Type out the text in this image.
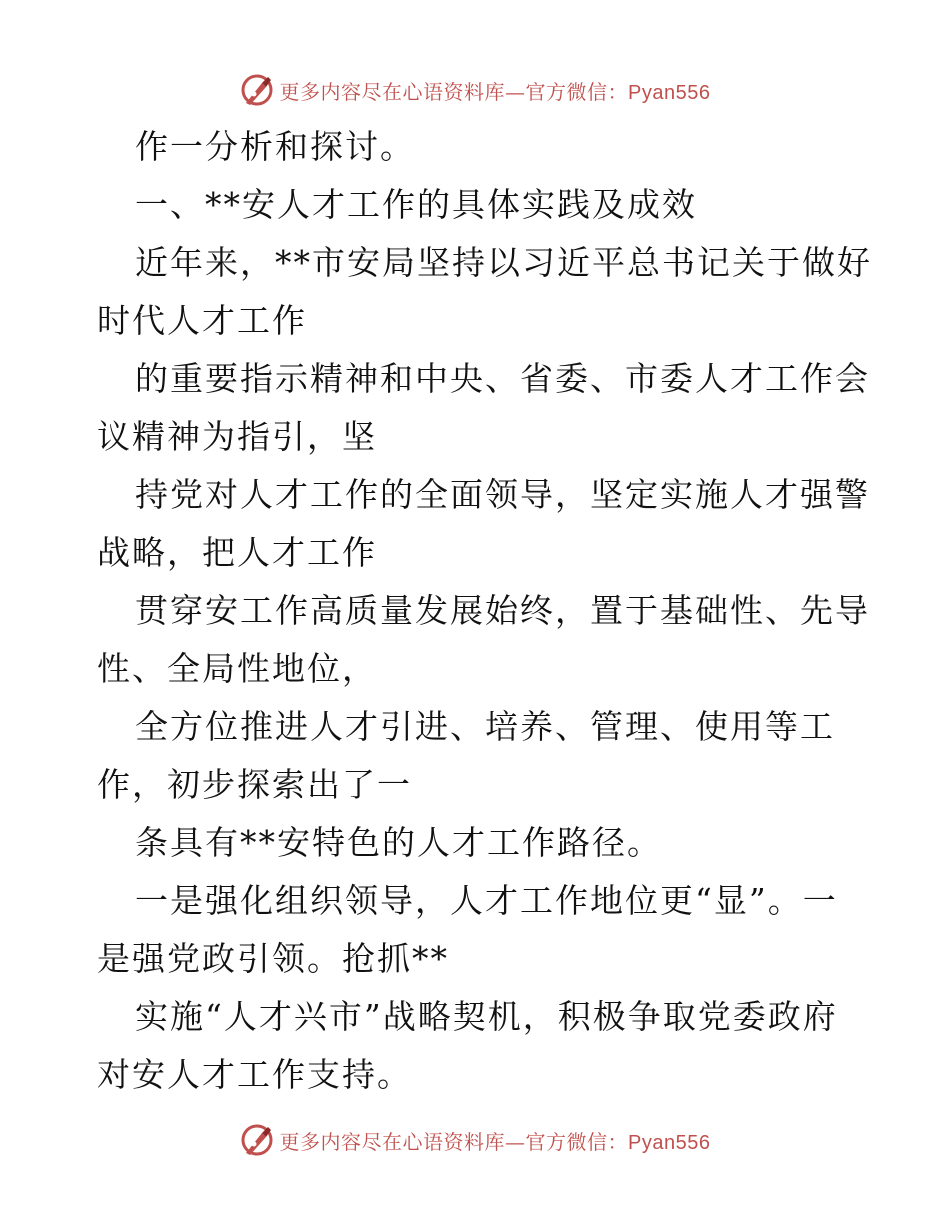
更多内容尽在心语资料库—官方微信：Pyan556
作一分析和探讨。
一、**安人才工作的具体实践及成效
近年来，**市安局坚持以习近平总书记关于做好
时代人才工作
的重要指示精神和中央、省委、市委人才工作会
议精神为指引，坚
持党对人才工作的全面领导，坚定实施人才强警
战略，把人才工作
贯穿安工作高质量发展始终，置于基础性、先导
性、全局性地位，
全方位推进人才引进、培养、管理、使用等工
作，初步探索出了一
条具有**安特色的人才工作路径。
一是强化组织领导，人才工作地位更“显”。一
是强党政引领。抢抓**
实施“人才兴市”战略契机，积极争取党委政府
对安人才工作支持。
更多内容尽在心语资料库—官方微信：Pyan556
